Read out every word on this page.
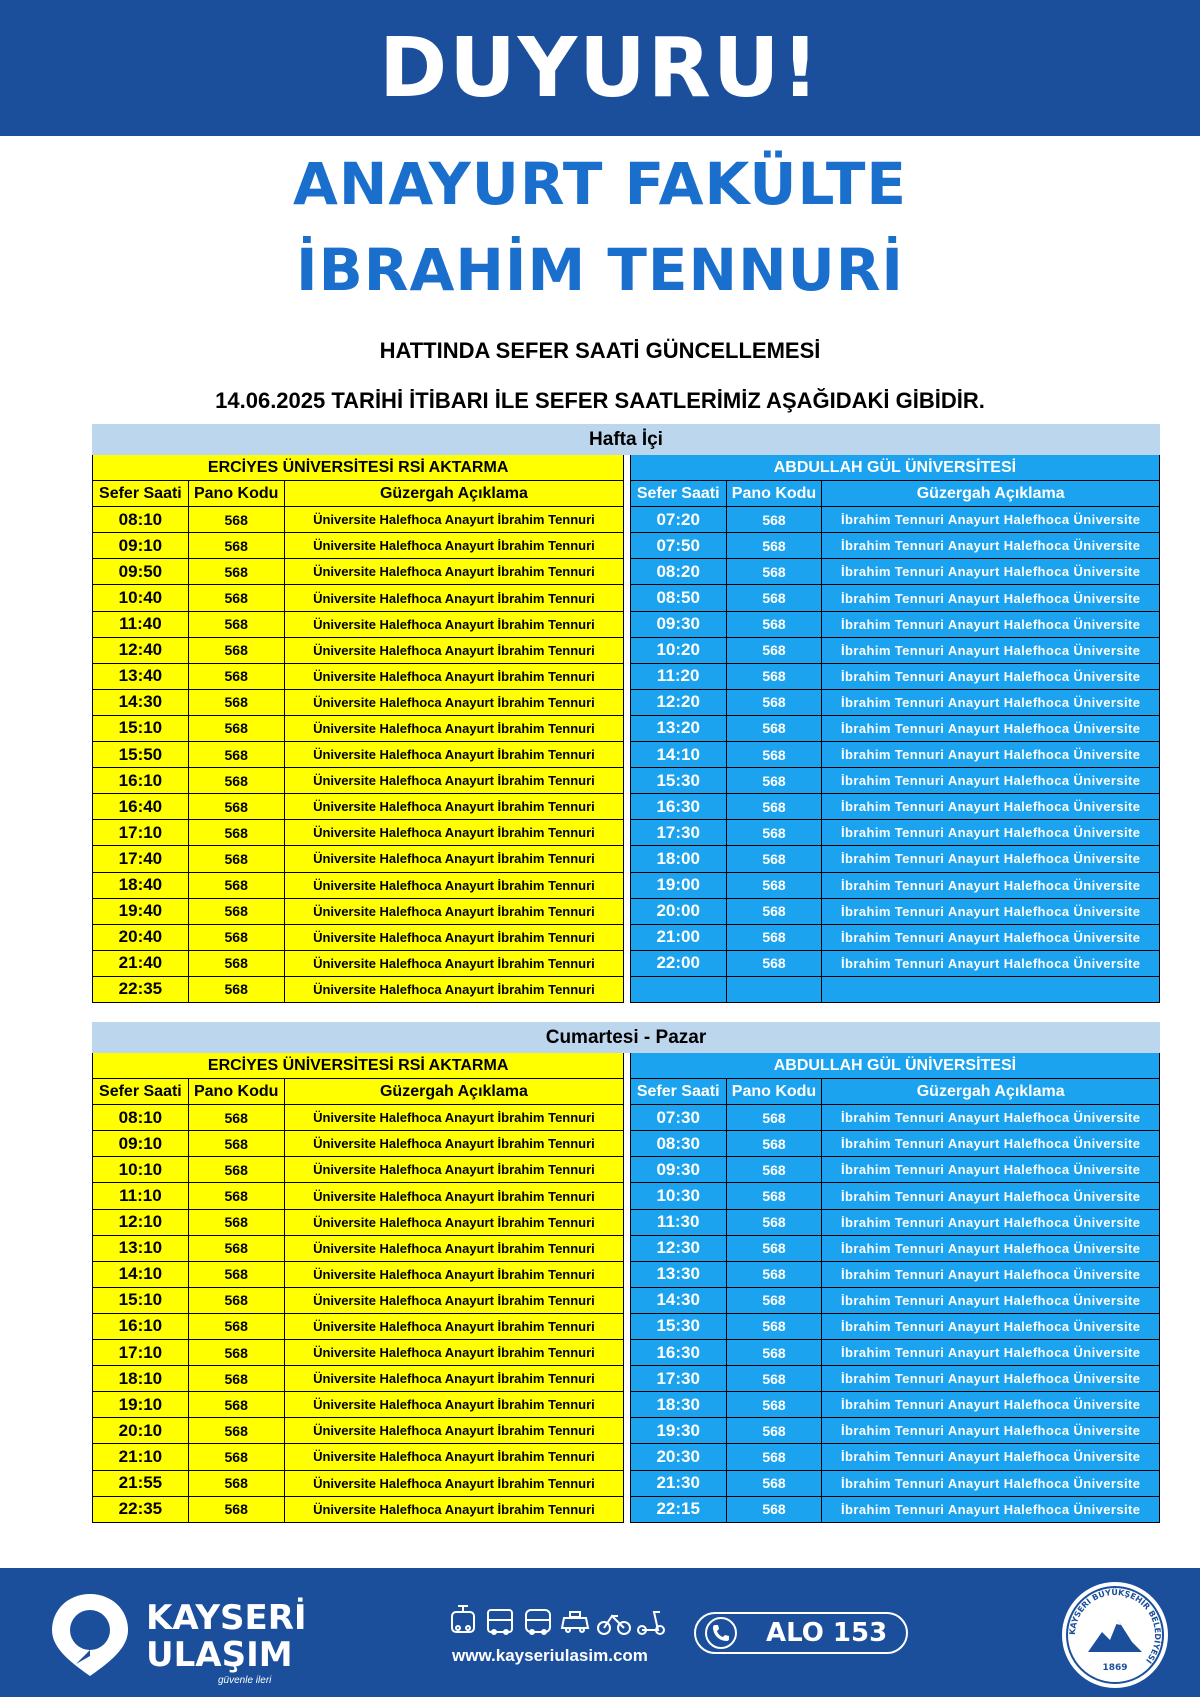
DUYURU!
ANAYURT FAKÜLTE
İBRAHİM TENNURİ
HATTINDA SEFER SAATİ GÜNCELLEMESİ
14.06.2025 TARİHİ İTİBARI İLE SEFER SAATLERİMİZ AŞAĞIDAKİ GİBİDİR.
Hafta İçi						
ERCİYES ÜNİVERSİTESİ RSİ AKTARMA				ABDULLAH GÜL ÜNİVERSİTESİ		
Sefer Saati	Pano Kodu	Güzergah Açıklama		Sefer Saati	Pano Kodu	Güzergah Açıklama
08:10	568	Üniversite Halefhoca Anayurt İbrahim Tennuri		07:20	568	İbrahim Tennuri Anayurt Halefhoca Üniversite
09:10	568	Üniversite Halefhoca Anayurt İbrahim Tennuri		07:50	568	İbrahim Tennuri Anayurt Halefhoca Üniversite
09:50	568	Üniversite Halefhoca Anayurt İbrahim Tennuri		08:20	568	İbrahim Tennuri Anayurt Halefhoca Üniversite
10:40	568	Üniversite Halefhoca Anayurt İbrahim Tennuri		08:50	568	İbrahim Tennuri Anayurt Halefhoca Üniversite
11:40	568	Üniversite Halefhoca Anayurt İbrahim Tennuri		09:30	568	İbrahim Tennuri Anayurt Halefhoca Üniversite
12:40	568	Üniversite Halefhoca Anayurt İbrahim Tennuri		10:20	568	İbrahim Tennuri Anayurt Halefhoca Üniversite
13:40	568	Üniversite Halefhoca Anayurt İbrahim Tennuri		11:20	568	İbrahim Tennuri Anayurt Halefhoca Üniversite
14:30	568	Üniversite Halefhoca Anayurt İbrahim Tennuri		12:20	568	İbrahim Tennuri Anayurt Halefhoca Üniversite
15:10	568	Üniversite Halefhoca Anayurt İbrahim Tennuri		13:20	568	İbrahim Tennuri Anayurt Halefhoca Üniversite
15:50	568	Üniversite Halefhoca Anayurt İbrahim Tennuri		14:10	568	İbrahim Tennuri Anayurt Halefhoca Üniversite
16:10	568	Üniversite Halefhoca Anayurt İbrahim Tennuri		15:30	568	İbrahim Tennuri Anayurt Halefhoca Üniversite
16:40	568	Üniversite Halefhoca Anayurt İbrahim Tennuri		16:30	568	İbrahim Tennuri Anayurt Halefhoca Üniversite
17:10	568	Üniversite Halefhoca Anayurt İbrahim Tennuri		17:30	568	İbrahim Tennuri Anayurt Halefhoca Üniversite
17:40	568	Üniversite Halefhoca Anayurt İbrahim Tennuri		18:00	568	İbrahim Tennuri Anayurt Halefhoca Üniversite
18:40	568	Üniversite Halefhoca Anayurt İbrahim Tennuri		19:00	568	İbrahim Tennuri Anayurt Halefhoca Üniversite
19:40	568	Üniversite Halefhoca Anayurt İbrahim Tennuri		20:00	568	İbrahim Tennuri Anayurt Halefhoca Üniversite
20:40	568	Üniversite Halefhoca Anayurt İbrahim Tennuri		21:00	568	İbrahim Tennuri Anayurt Halefhoca Üniversite
21:40	568	Üniversite Halefhoca Anayurt İbrahim Tennuri		22:00	568	İbrahim Tennuri Anayurt Halefhoca Üniversite
22:35	568	Üniversite Halefhoca Anayurt İbrahim Tennuri				
Cumartesi - Pazar						
ERCİYES ÜNİVERSİTESİ RSİ AKTARMA				ABDULLAH GÜL ÜNİVERSİTESİ		
Sefer Saati	Pano Kodu	Güzergah Açıklama		Sefer Saati	Pano Kodu	Güzergah Açıklama
08:10	568	Üniversite Halefhoca Anayurt İbrahim Tennuri		07:30	568	İbrahim Tennuri Anayurt Halefhoca Üniversite
09:10	568	Üniversite Halefhoca Anayurt İbrahim Tennuri		08:30	568	İbrahim Tennuri Anayurt Halefhoca Üniversite
10:10	568	Üniversite Halefhoca Anayurt İbrahim Tennuri		09:30	568	İbrahim Tennuri Anayurt Halefhoca Üniversite
11:10	568	Üniversite Halefhoca Anayurt İbrahim Tennuri		10:30	568	İbrahim Tennuri Anayurt Halefhoca Üniversite
12:10	568	Üniversite Halefhoca Anayurt İbrahim Tennuri		11:30	568	İbrahim Tennuri Anayurt Halefhoca Üniversite
13:10	568	Üniversite Halefhoca Anayurt İbrahim Tennuri		12:30	568	İbrahim Tennuri Anayurt Halefhoca Üniversite
14:10	568	Üniversite Halefhoca Anayurt İbrahim Tennuri		13:30	568	İbrahim Tennuri Anayurt Halefhoca Üniversite
15:10	568	Üniversite Halefhoca Anayurt İbrahim Tennuri		14:30	568	İbrahim Tennuri Anayurt Halefhoca Üniversite
16:10	568	Üniversite Halefhoca Anayurt İbrahim Tennuri		15:30	568	İbrahim Tennuri Anayurt Halefhoca Üniversite
17:10	568	Üniversite Halefhoca Anayurt İbrahim Tennuri		16:30	568	İbrahim Tennuri Anayurt Halefhoca Üniversite
18:10	568	Üniversite Halefhoca Anayurt İbrahim Tennuri		17:30	568	İbrahim Tennuri Anayurt Halefhoca Üniversite
19:10	568	Üniversite Halefhoca Anayurt İbrahim Tennuri		18:30	568	İbrahim Tennuri Anayurt Halefhoca Üniversite
20:10	568	Üniversite Halefhoca Anayurt İbrahim Tennuri		19:30	568	İbrahim Tennuri Anayurt Halefhoca Üniversite
21:10	568	Üniversite Halefhoca Anayurt İbrahim Tennuri		20:30	568	İbrahim Tennuri Anayurt Halefhoca Üniversite
21:55	568	Üniversite Halefhoca Anayurt İbrahim Tennuri		21:30	568	İbrahim Tennuri Anayurt Halefhoca Üniversite
22:35	568	Üniversite Halefhoca Anayurt İbrahim Tennuri		22:15	568	İbrahim Tennuri Anayurt Halefhoca Üniversite
KAYSERİ
ULAŞIM
güvenle ileri
www.kayseriulasim.com
ALO 153	KAYSERİ BÜYÜKŞEHİR BELEDİYESİ
1869
